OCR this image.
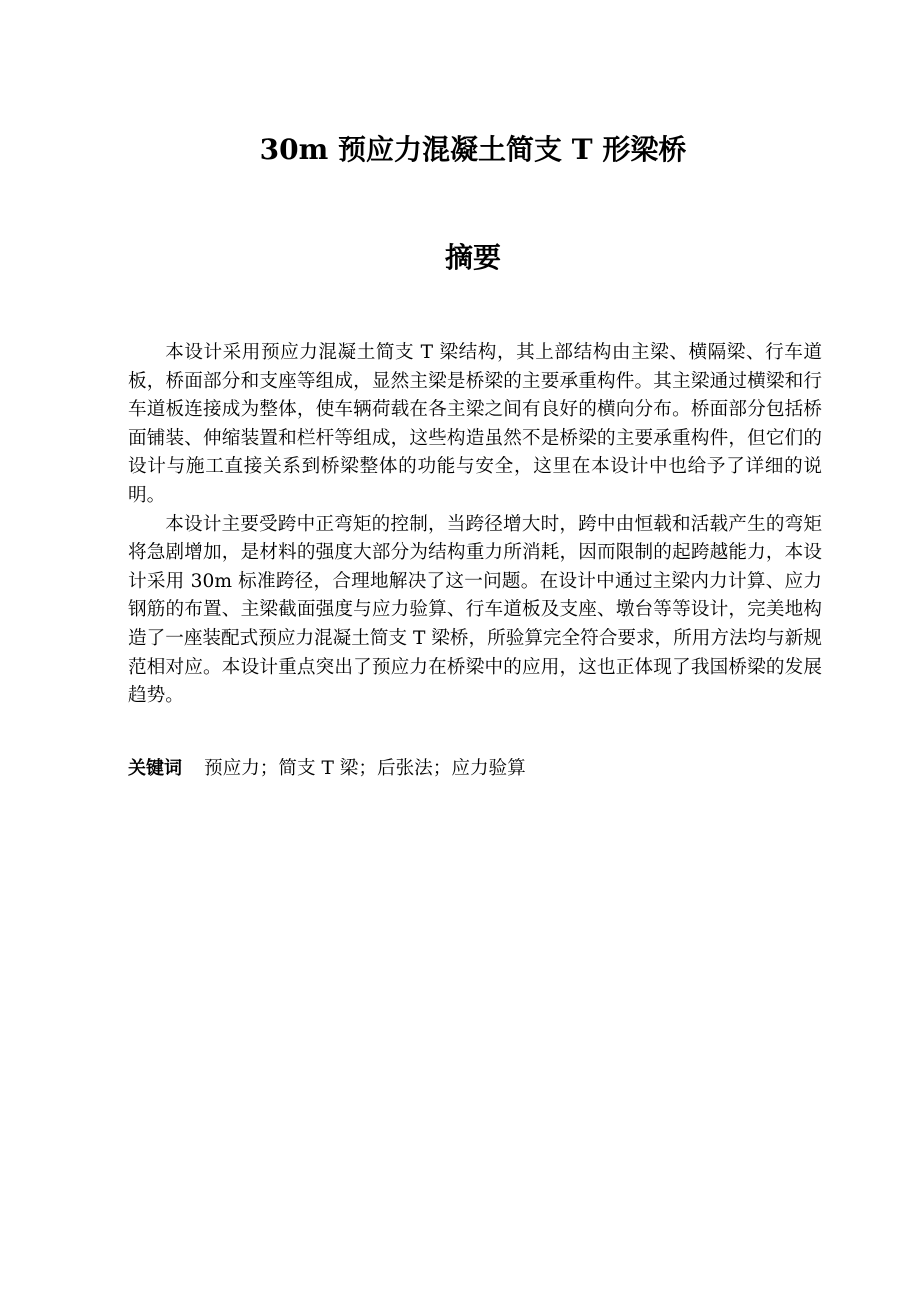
30m 预应力混凝土简支 T 形梁桥
摘要

本设计采用预应力混凝土简支 T 梁结构，其上部结构由主梁、横隔梁、行车道板，桥面部分和支座等组成，显然主梁是桥梁的主要承重构件。其主梁通过横梁和行车道板连接成为整体，使车辆荷载在各主梁之间有良好的横向分布。桥面部分包括桥面铺装、伸缩装置和栏杆等组成，这些构造虽然不是桥梁的主要承重构件，但它们的设计与施工直接关系到桥梁整体的功能与安全，这里在本设计中也给予了详细的说明。

本设计主要受跨中正弯矩的控制，当跨径增大时，跨中由恒载和活载产生的弯矩将急剧增加，是材料的强度大部分为结构重力所消耗，因而限制的起跨越能力，本设计采用 30m 标准跨径，合理地解决了这一问题。在设计中通过主梁内力计算、应力钢筋的布置、主梁截面强度与应力验算、行车道板及支座、墩台等等设计，完美地构造了一座装配式预应力混凝土简支 T 梁桥，所验算完全符合要求，所用方法均与新规范相对应。本设计重点突出了预应力在桥梁中的应用，这也正体现了我国桥梁的发展趋势。

关键词 预应力；简支 T 梁；后张法；应力验算
